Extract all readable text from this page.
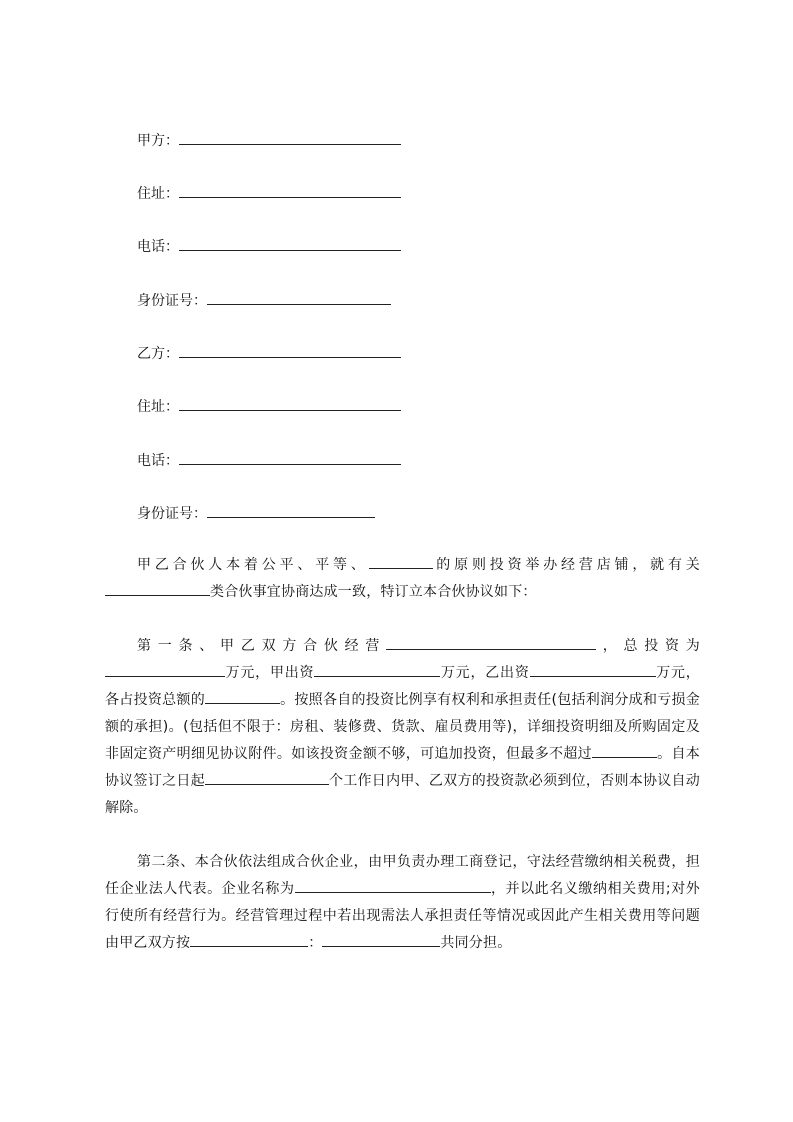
甲方：
住址：
电话：
身份证号：
乙方：
住址：
电话：
身份证号：
甲乙合伙人本着公平、平等、	的原则投资举办经营店铺，就有关类合伙事宜协商达成一致，特订立本合伙协议如下：
第一条、甲乙双方合伙经营	，总投资为万元，甲出资	万元，乙出资	万元，各占投资总额的	。按照各自的投资比例享有权利和承担责任(包括利润分成和亏损金额的承担)。(包括但不限于：房租、装修费、货款、雇员费用等)，详细投资明细及所购固定及非固定资产明细见协议附件。如该投资金额不够，可追加投资，但最多不超过	。自本协议签订之日起	个工作日内甲、乙双方的投资款必须到位，否则本协议自动解除。
第二条、本合伙依法组成合伙企业，由甲负责办理工商登记，守法经营缴纳相关税费，担任企业法人代表。企业名称为	，并以此名义缴纳相关费用;对外行使所有经营行为。经营管理过程中若出现需法人承担责任等情况或因此产生相关费用等问题由甲乙双方按	：	共同分担。
